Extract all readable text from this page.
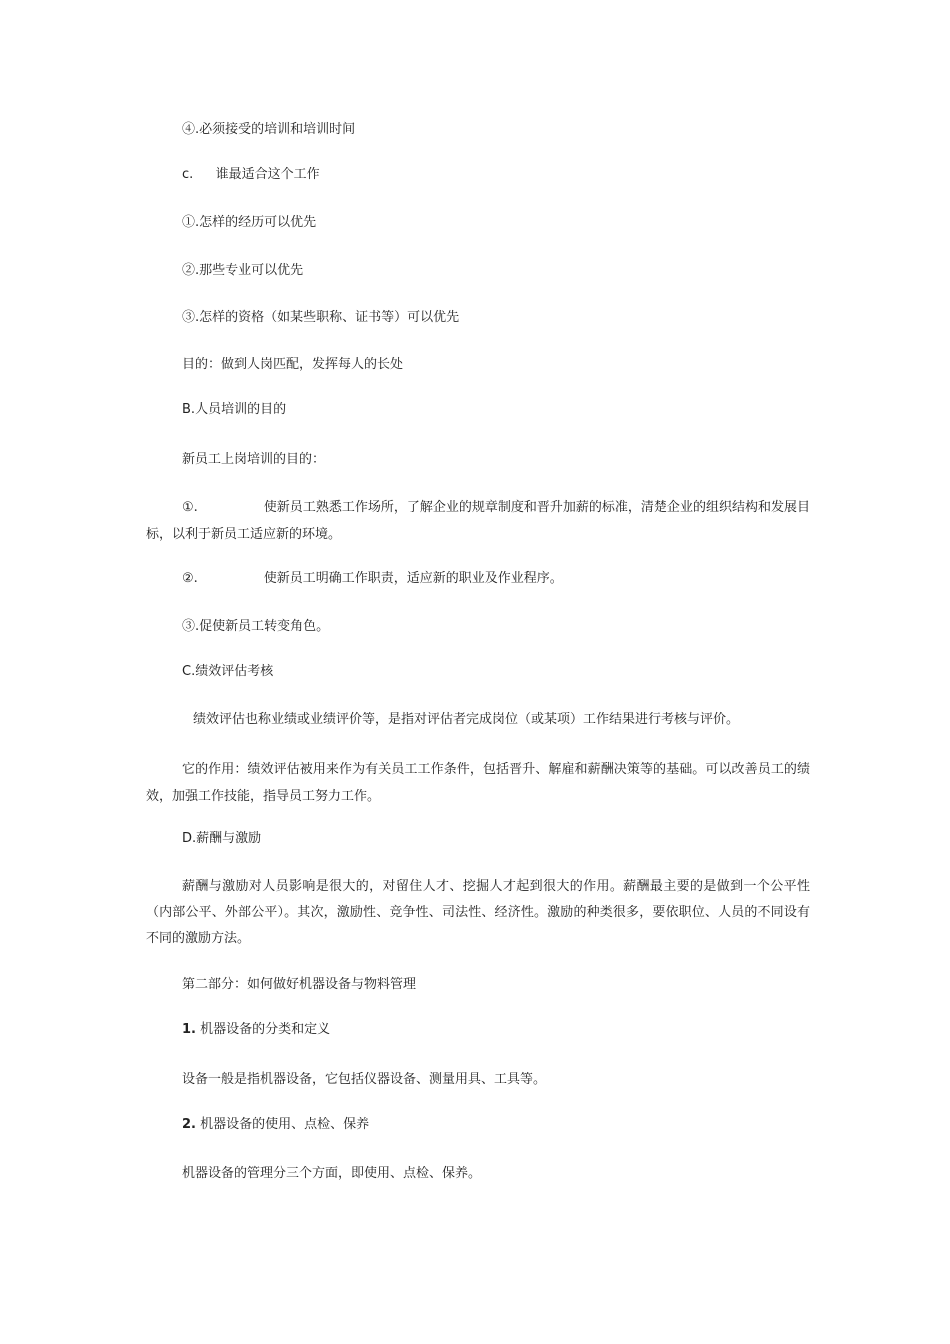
④.必须接受的培训和培训时间
c. 谁最适合这个工作
①.怎样的经历可以优先
②.那些专业可以优先
③.怎样的资格（如某些职称、证书等）可以优先
目的：做到人岗匹配，发挥每人的长处
B.人员培训的目的
新员工上岗培训的目的：
①.	使新员工熟悉工作场所，了解企业的规章制度和晋升加薪的标准，清楚企业的组织结构和发展目标，以利于新员工适应新的环境。
②.	使新员工明确工作职责，适应新的职业及作业程序。
③.促使新员工转变角色。
C.绩效评估考核
绩效评估也称业绩或业绩评价等，是指对评估者完成岗位（或某项）工作结果进行考核与评价。
它的作用：绩效评估被用来作为有关员工工作条件，包括晋升、解雇和薪酬决策等的基础。可以改善员工的绩效，加强工作技能，指导员工努力工作。
D.薪酬与激励
薪酬与激励对人员影响是很大的，对留住人才、挖掘人才起到很大的作用。薪酬最主要的是做到一个公平性（内部公平、外部公平）。其次，激励性、竞争性、司法性、经济性。激励的种类很多，要依职位、人员的不同设有不同的激励方法。
第二部分：如何做好机器设备与物料管理
1. 机器设备的分类和定义
设备一般是指机器设备，它包括仪器设备、测量用具、工具等。
2. 机器设备的使用、点检、保养
机器设备的管理分三个方面，即使用、点检、保养。
